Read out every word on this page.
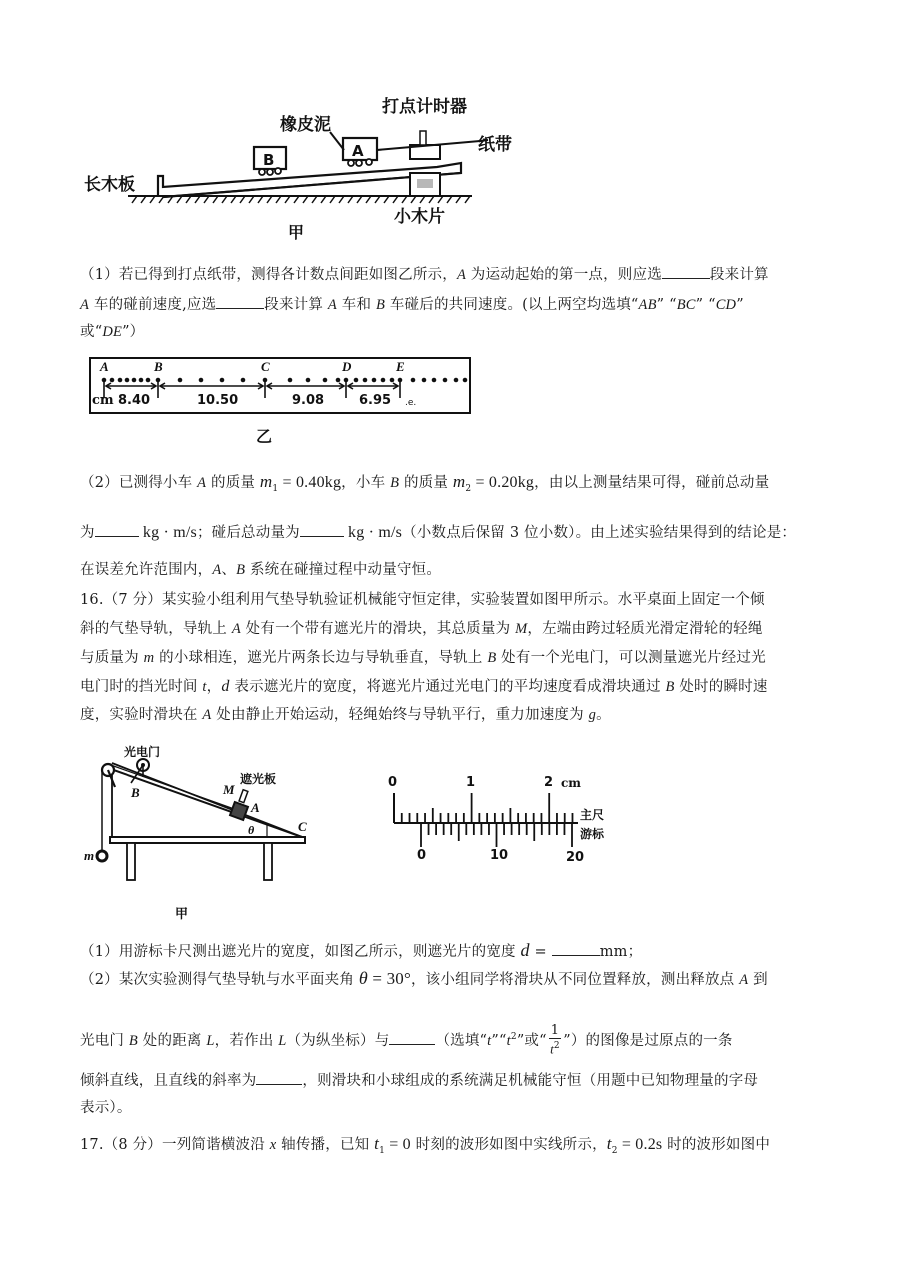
B	A
打点计时器
橡皮泥
纸带
长木板
小木片
甲
（1）若已得到打点纸带，测得各计数点间距如图乙所示，A 为运动起始的第一点，则应选	段来计算
A 车的碰前速度,应选	段来计算 A 车和 B 车碰后的共同速度。(以上两空均选填“AB” “BC” “CD”
或“DE”）
cm 8.40	10.50	9.08	6.95 .e.
A	B	C	D	E
乙
（2）已测得小车 A 的质量 $m_1 = 0.40kg$，小车 B 的质量 $m_2 = 0.20kg$，由以上测量结果可得，碰前总动量
为	kg · m/s；碰后总动量为	kg · m/s（小数点后保留 3 位小数）。由上述实验结果得到的结论是：
在误差允许范围内，A、B 系统在碰撞过程中动量守恒。
16.（7 分）某实验小组利用气垫导轨验证机械能守恒定律，实验装置如图甲所示。水平桌面上固定一个倾
斜的气垫导轨，导轨上 A 处有一个带有遮光片的滑块，其总质量为 M，左端由跨过轻质光滑定滑轮的轻绳
与质量为 m 的小球相连，遮光片两条长边与导轨垂直，导轨上 B 处有一个光电门，可以测量遮光片经过光
电门时的挡光时间 t，d 表示遮光片的宽度，将遮光片通过光电门的平均速度看成滑块通过 B 处时的瞬时速
度，实验时滑块在 A 处由静止开始运动，轻绳始终与导轨平行，重力加速度为 g。
光电门
遮光板
M
A
B
C
θ
m
甲
0	1	2 cm
主尺
游标
0	10	20
（1）用游标卡尺测出遮光片的宽度，如图乙所示，则遮光片的宽度 d =	mm；
（2）某次实验测得气垫导轨与水平面夹角 θ = 30°，该小组同学将滑块从不同位置释放，测出释放点 A 到
光电门 B 处的距离 L，若作出 L（为纵坐标）与	（选填“$t”“t^2$”或“ $\frac{1}{t^2}$ ”）的图像是过原点的一条
倾斜直线，且直线的斜率为	，则滑块和小球组成的系统满足机械能守恒（用题中已知物理量的字母
表示）。
17.（8 分）一列简谐横波沿 x 轴传播，已知 $t_1 = 0$ 时刻的波形如图中实线所示，$t_2 = 0.2s$ 时的波形如图中
